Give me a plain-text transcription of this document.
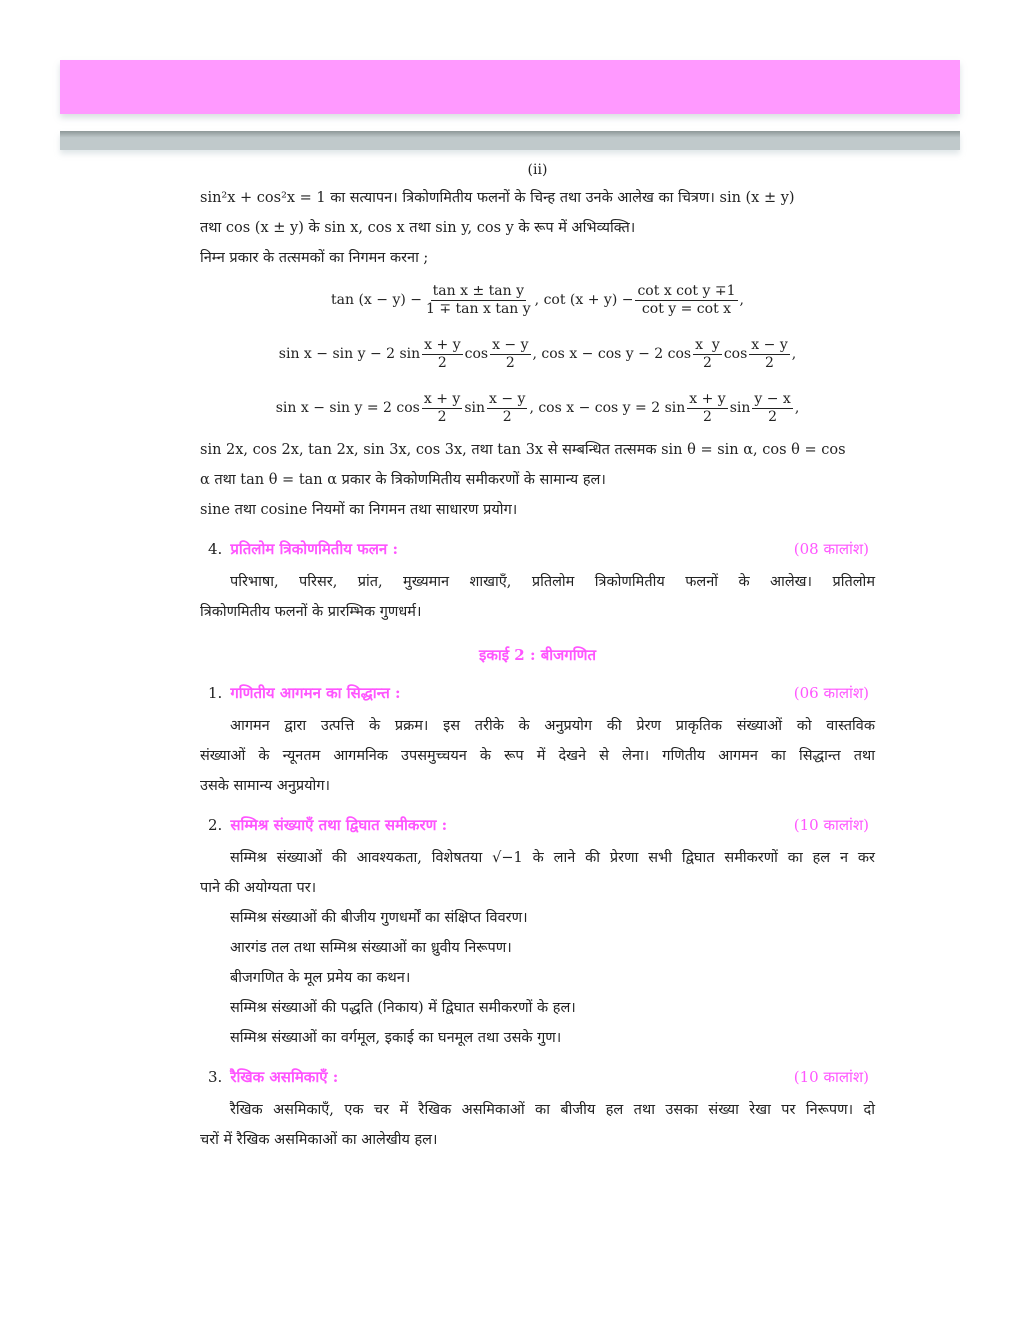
(ii)
sin²x + cos²x = 1 का सत्यापन। त्रिकोणमितीय फलनों के चिन्ह तथा उनके आलेख का चित्रण। sin (x ± y)
तथा cos (x ± y) के sin x, cos x तथा sin y, cos y के रूप में अभिव्यक्ति।
निम्न प्रकार के तत्समकों का निगमन करना ;
$\tan (x - y) - \frac{\text{tan x ± tan y}}{\text{1 ∓ tan x tan y}}$ , $\cot (x + y) - \frac{\text{cot x cot y ∓1}}{\text{cot y = cot x}}$ ,
sin x − sin y − 2 $\sin \frac{x + y}{2}$ $\cos \frac{x - y}{2}$ , cos x − cos y − 2 $\cos \frac{\text{x  y}}{2}$ $\cos \frac{x - y}{2}$ ,
sin x − sin y = 2 $\cos \frac{x + y}{2}$ $\sin \frac{x - y}{2}$ , cos x − cos y = 2 $\sin \frac{x + y}{2}$ $\sin \frac{y - x}{2}$ ,
sin 2x, cos 2x, tan 2x, sin 3x, cos 3x, तथा tan 3x से सम्बन्धित तत्समक sin θ = sin α, cos θ = cos
α तथा tan θ = tan α प्रकार के त्रिकोणमितीय समीकरणों के सामान्य हल।
sine तथा cosine नियमों का निगमन तथा साधारण प्रयोग।
4. प्रतिलोम त्रिकोणमितीय फलन :	(08 कालांश)
परिभाषा, परिसर, प्रांत, मुख्यमान शाखाएँ, प्रतिलोम त्रिकोणमितीय फलनों के आलेख। प्रतिलोम
त्रिकोणमितीय फलनों के प्रारम्भिक गुणधर्म।
इकाई 2 : बीजगणित
1. गणितीय आगमन का सिद्धान्त :	(06 कालांश)
आगमन द्वारा उत्पत्ति के प्रक्रम। इस तरीके के अनुप्रयोग की प्रेरण प्राकृतिक संख्याओं को वास्तविक
संख्याओं के न्यूनतम आगमनिक उपसमुच्चयन के रूप में देखने से लेना। गणितीय आगमन का सिद्धान्त तथा
उसके सामान्य अनुप्रयोग।
2. सम्मिश्र संख्याएँ तथा द्विघात समीकरण :	(10 कालांश)
सम्मिश्र संख्याओं की आवश्यकता, विशेषतया √−1 के लाने की प्रेरणा सभी द्विघात समीकरणों का हल न कर
पाने की अयोग्यता पर।
सम्मिश्र संख्याओं की बीजीय गुणधर्मों का संक्षिप्त विवरण।
आरगंड तल तथा सम्मिश्र संख्याओं का ध्रुवीय निरूपण।
बीजगणित के मूल प्रमेय का कथन।
सम्मिश्र संख्याओं की पद्धति (निकाय) में द्विघात समीकरणों के हल।
सम्मिश्र संख्याओं का वर्गमूल, इकाई का घनमूल तथा उसके गुण।
3. रैखिक असमिकाएँ :	(10 कालांश)
रैखिक असमिकाएँ, एक चर में रैखिक असमिकाओं का बीजीय हल तथा उसका संख्या रेखा पर निरूपण। दो
चरों में रैखिक असमिकाओं का आलेखीय हल।
